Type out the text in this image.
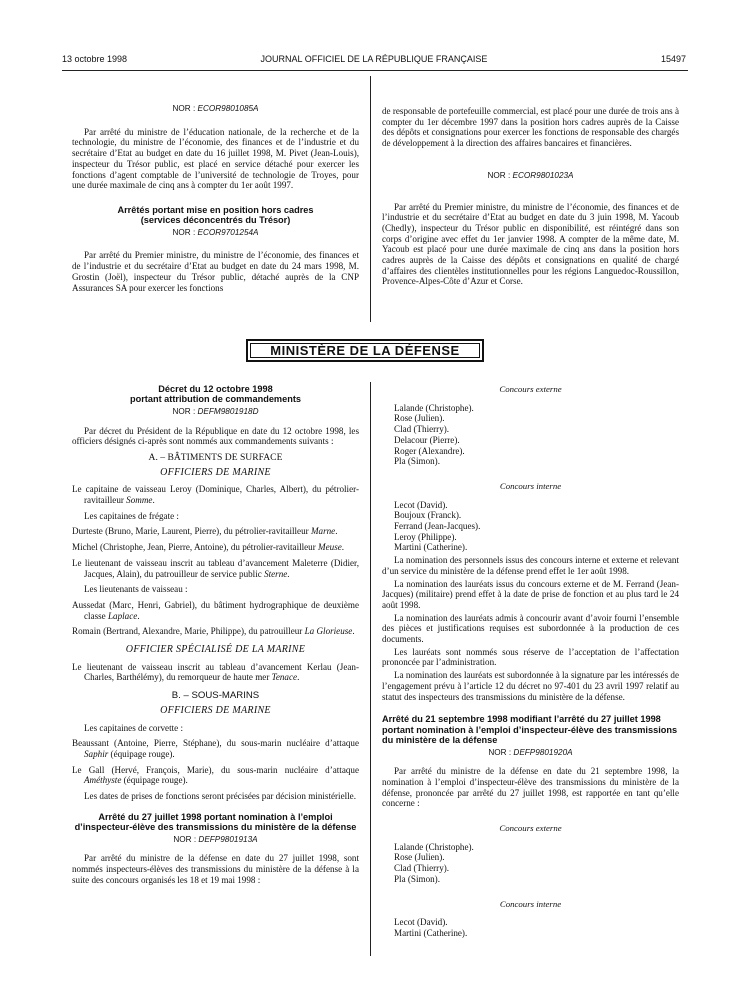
13 octobre 1998	JOURNAL OFFICIEL DE LA RÉPUBLIQUE FRANÇAISE	15497
NOR : ECOR9801085A

Par arrêté du ministre de l’éducation nationale, de la recherche et de la technologie, du ministre de l’économie, des finances et de l’industrie et du secrétaire d’Etat au budget en date du 16 juillet 1998, M. Pivet (Jean-Louis), inspecteur du Trésor public, est placé en service détaché pour exercer les fonctions d’agent comptable de l’université de technologie de Troyes, pour une durée maximale de cinq ans à compter du 1er août 1997.

Arrêtés portant mise en position hors cadres
(services déconcentrés du Trésor)
NOR : ECOR9701254A

Par arrêté du Premier ministre, du ministre de l’économie, des finances et de l’industrie et du secrétaire d’Etat au budget en date du 24 mars 1998, M. Grostin (Joël), inspecteur du Trésor public, détaché auprès de la CNP Assurances SA pour exercer les fonctions

de responsable de portefeuille commercial, est placé pour une durée de trois ans à compter du 1er décembre 1997 dans la position hors cadres auprès de la Caisse des dépôts et consignations pour exercer les fonctions de responsable des chargés de développement à la direction des affaires bancaires et financières.

NOR : ECOR9801023A

Par arrêté du Premier ministre, du ministre de l’économie, des finances et de l’industrie et du secrétaire d’Etat au budget en date du 3 juin 1998, M. Yacoub (Chedly), inspecteur du Trésor public en disponibilité, est réintégré dans son corps d’origine avec effet du 1er janvier 1998. A compter de la même date, M. Yacoub est placé pour une durée maximale de cinq ans dans la position hors cadres auprès de la Caisse des dépôts et consignations en qualité de chargé d’affaires des clientèles institutionnelles pour les régions Languedoc-Roussillon, Provence-Alpes-Côte d’Azur et Corse.

MINISTÈRE DE LA DÉFENSE
Décret du 12 octobre 1998
portant attribution de commandements
NOR : DEFM9801918D

Par décret du Président de la République en date du 12 octobre 1998, les officiers désignés ci-après sont nommés aux commandements suivants :

A. – BÂTIMENTS DE SURFACE
OFFICIERS DE MARINE

Le capitaine de vaisseau Leroy (Dominique, Charles, Albert), du pétrolier-ravitailleur Somme.

Les capitaines de frégate :

Durteste (Bruno, Marie, Laurent, Pierre), du pétrolier-ravitailleur Marne.

Michel (Christophe, Jean, Pierre, Antoine), du pétrolier-ravitailleur Meuse.

Le lieutenant de vaisseau inscrit au tableau d’avancement Maleterre (Didier, Jacques, Alain), du patrouilleur de service public Sterne.

Les lieutenants de vaisseau :

Aussedat (Marc, Henri, Gabriel), du bâtiment hydrographique de deuxième classe Laplace.

Romain (Bertrand, Alexandre, Marie, Philippe), du patrouilleur La Glorieuse.

OFFICIER SPÉCIALISÉ DE LA MARINE

Le lieutenant de vaisseau inscrit au tableau d’avancement Kerlau (Jean-Charles, Barthélémy), du remorqueur de haute mer Tenace.

B. – SOUS-MARINS
OFFICIERS DE MARINE

Les capitaines de corvette :

Beaussant (Antoine, Pierre, Stéphane), du sous-marin nucléaire d’attaque Saphir (équipage rouge).

Le Gall (Hervé, François, Marie), du sous-marin nucléaire d’attaque Améthyste (équipage rouge).

Les dates de prises de fonctions seront précisées par décision ministérielle.

Arrêté du 27 juillet 1998 portant nomination à l’emploi d’inspecteur-élève des transmissions du ministère de la défense
NOR : DEFP9801913A

Par arrêté du ministre de la défense en date du 27 juillet 1998, sont nommés inspecteurs-élèves des transmissions du ministère de la défense à la suite des concours organisés les 18 et 19 mai 1998 :

Concours externe
Lalande (Christophe).
Rose (Julien).
Clad (Thierry).
Delacour (Pierre).
Roger (Alexandre).
Pla (Simon).
Concours interne
Lecot (David).
Boujoux (Franck).
Ferrand (Jean-Jacques).
Leroy (Philippe).
Martini (Catherine).

La nomination des personnels issus des concours interne et externe et relevant d’un service du ministère de la défense prend effet le 1er août 1998.

La nomination des lauréats issus du concours externe et de M. Ferrand (Jean-Jacques) (militaire) prend effet à la date de prise de fonction et au plus tard le 24 août 1998.

La nomination des lauréats admis à concourir avant d’avoir fourni l’ensemble des pièces et justifications requises est subordonnée à la production de ces documents.

Les lauréats sont nommés sous réserve de l’acceptation de l’affectation prononcée par l’administration.

La nomination des lauréats est subordonnée à la signature par les intéressés de l’engagement prévu à l’article 12 du décret no 97-401 du 23 avril 1997 relatif au statut des inspecteurs des transmissions du ministère de la défense.

Arrêté du 21 septembre 1998 modifiant l’arrêté du 27 juillet 1998 portant nomination à l’emploi d’inspecteur-élève des transmissions du ministère de la défense
NOR : DEFP9801920A

Par arrêté du ministre de la défense en date du 21 septembre 1998, la nomination à l’emploi d’inspecteur-élève des transmissions du ministère de la défense, prononcée par arrêté du 27 juillet 1998, est rapportée en tant qu’elle concerne :

Concours externe
Lalande (Christophe).
Rose (Julien).
Clad (Thierry).
Pla (Simon).
Concours interne
Lecot (David).
Martini (Catherine).
